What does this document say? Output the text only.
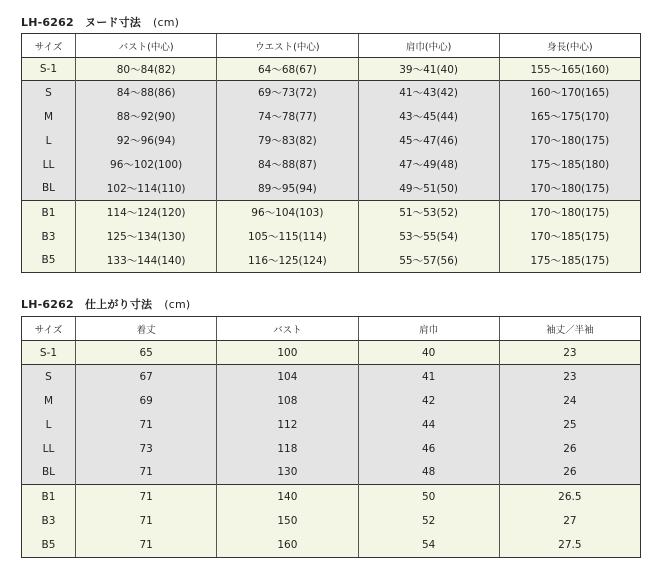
LH-6262　ヌード寸法 (cm)
サイズ	バスト(中心)	ウエスト(中心)	肩巾(中心)	身長(中心)
S-1	80～84(82)	64～68(67)	39～41(40)	155～165(160)
S	84～88(86)	69～73(72)	41～43(42)	160～170(165)
M	88～92(90)	74～78(77)	43～45(44)	165～175(170)
L	92～96(94)	79～83(82)	45～47(46)	170～180(175)
LL	96～102(100)	84～88(87)	47～49(48)	175～185(180)
BL	102～114(110)	89～95(94)	49～51(50)	170～180(175)
B1	114～124(120)	96～104(103)	51～53(52)	170～180(175)
B3	125～134(130)	105～115(114)	53～55(54)	170～185(175)
B5	133～144(140)	116～125(124)	55～57(56)	175～185(175)
LH-6262　仕上がり寸法 (cm)
サイズ	着丈	バスト	肩巾	袖丈／半袖
S-1	65	100	40	23
S	67	104	41	23
M	69	108	42	24
L	71	112	44	25
LL	73	118	46	26
BL	71	130	48	26
B1	71	140	50	26.5
B3	71	150	52	27
B5	71	160	54	27.5
